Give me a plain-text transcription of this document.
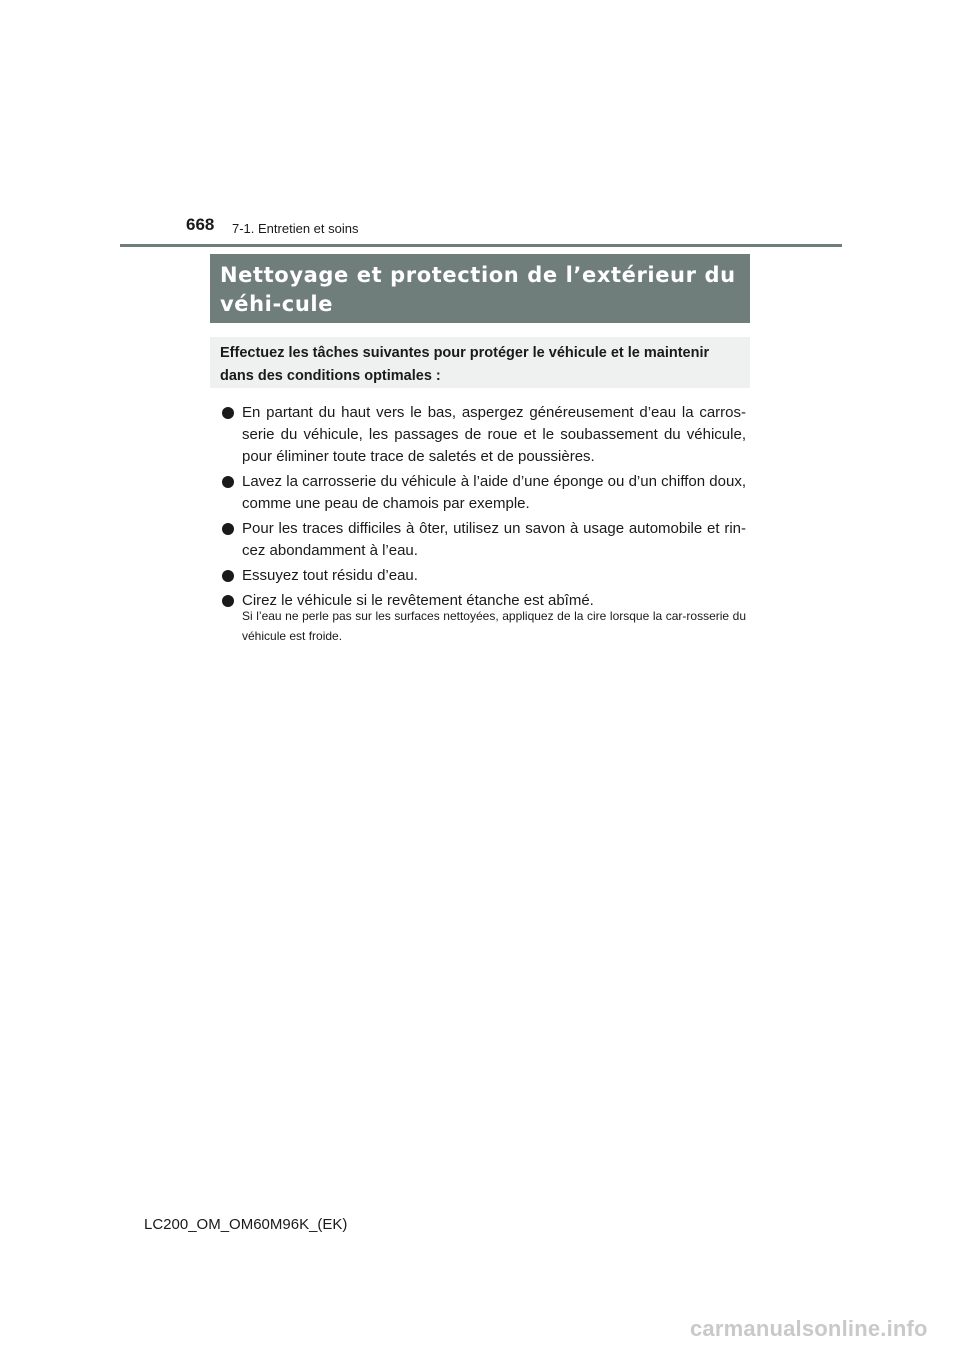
668 7-1. Entretien et soins
Nettoyage et protection de l’extérieur du véhi-cule

Effectuez les tâches suivantes pour protéger le véhicule et le maintenir dans des conditions optimales :

En partant du haut vers le bas, aspergez généreusement d’eau la carros-serie du véhicule, les passages de roue et le soubassement du véhicule, pour éliminer toute trace de saletés et de poussières.
Lavez la carrosserie du véhicule à l’aide d’une éponge ou d’un chiffon doux, comme une peau de chamois par exemple.
Pour les traces difficiles à ôter, utilisez un savon à usage automobile et rin-cez abondamment à l’eau.
Essuyez tout résidu d’eau.
Cirez le véhicule si le revêtement étanche est abîmé.

Si l’eau ne perle pas sur les surfaces nettoyées, appliquez de la cire lorsque la car-rosserie du véhicule est froide.

LC200_OM_OM60M96K_(EK)
carmanualsonline.info
